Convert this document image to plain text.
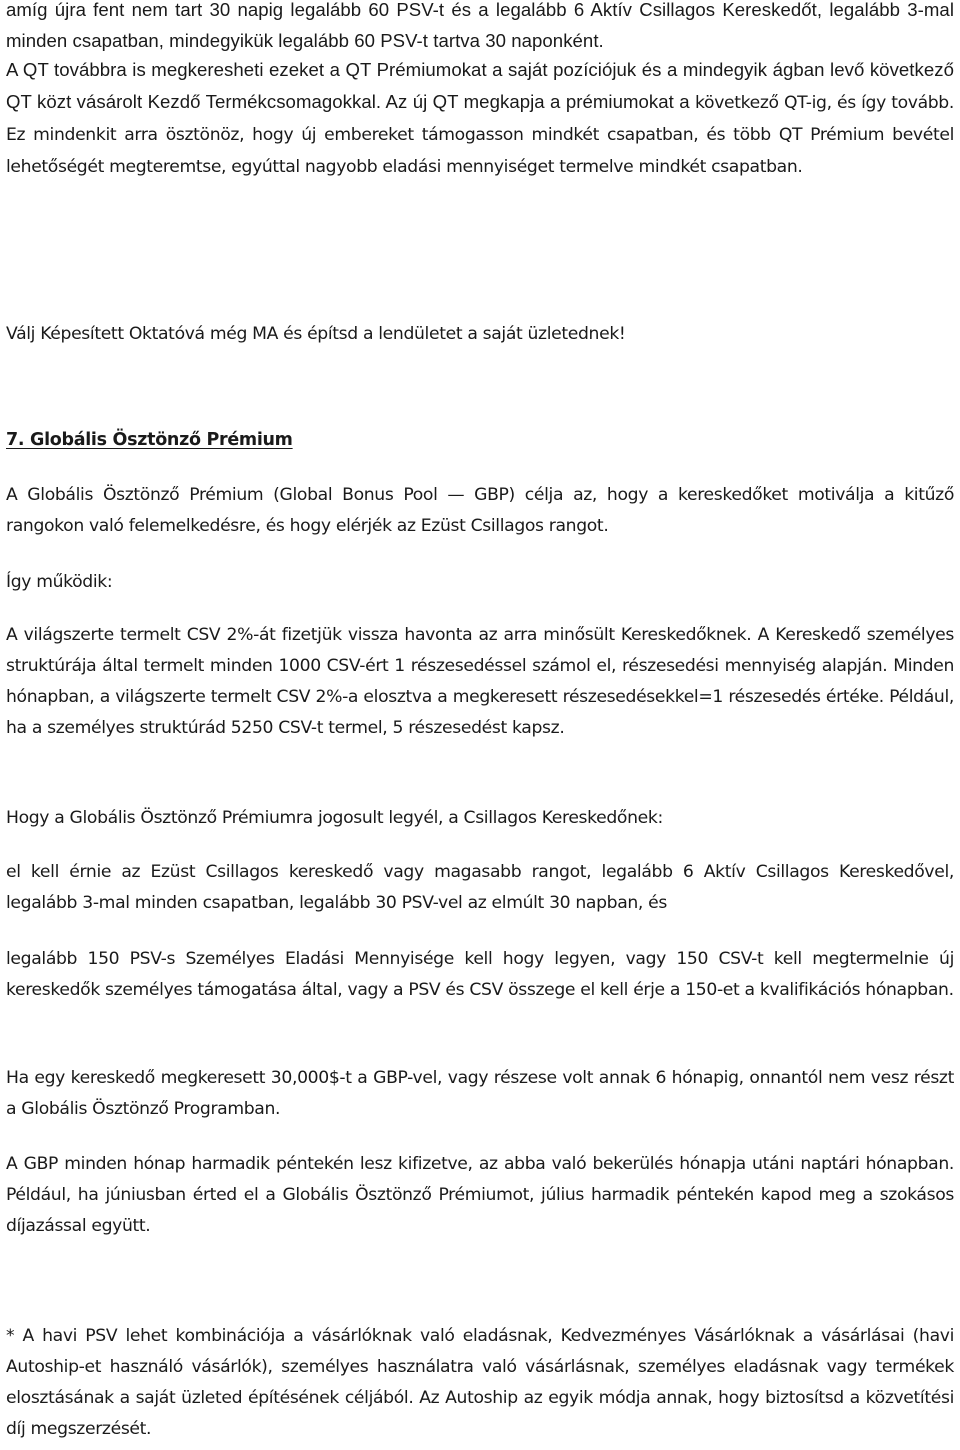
amíg újra fent nem tart 30 napig legalább 60 PSV-t és a legalább 6 Aktív Csillagos Kereskedőt, legalább 3-mal minden csapatban, mindegyikük legalább 60 PSV-t tartva 30 naponként.

A QT továbbra is megkeresheti ezeket a QT Prémiumokat a saját pozíciójuk és a mindegyik ágban levő következő QT közt vásárolt Kezdő Termékcsomagokkal. Az új QT megkapja a prémiumokat a következő QT-ig, és így tovább. Ez mindenkit arra ösztönöz, hogy új embereket támogasson mindkét csapatban, és több QT Prémium bevétel lehetőségét megteremtse, egyúttal nagyobb eladási mennyiséget termelve mindkét csapatban.

Válj Képesített Oktatóvá még MA és építsd a lendületet a saját üzletednek!

7. Globális Ösztönző Prémium

A Globális Ösztönző Prémium (Global Bonus Pool — GBP) célja az, hogy a kereskedőket motiválja a kitűző rangokon való felemelkedésre, és hogy elérjék az Ezüst Csillagos rangot.

Így működik:

A világszerte termelt CSV 2%-át fizetjük vissza havonta az arra minősült Kereskedőknek. A Kereskedő személyes struktúrája által termelt minden 1000 CSV-ért 1 részesedéssel számol el, részesedési mennyiség alapján. Minden hónapban, a világszerte termelt CSV 2%-a elosztva a megkeresett részesedésekkel=1 részesedés értéke. Például, ha a személyes struktúrád 5250 CSV-t termel, 5 részesedést kapsz.

Hogy a Globális Ösztönző Prémiumra jogosult legyél, a Csillagos Kereskedőnek:

el kell érnie az Ezüst Csillagos kereskedő vagy magasabb rangot, legalább 6 Aktív Csillagos Kereskedővel, legalább 3-mal minden csapatban, legalább 30 PSV-vel az elmúlt 30 napban, és

legalább 150 PSV-s Személyes Eladási Mennyisége kell hogy legyen, vagy 150 CSV-t kell megtermelnie új kereskedők személyes támogatása által, vagy a PSV és CSV összege el kell érje a 150-et a kvalifikációs hónapban.

Ha egy kereskedő megkeresett 30,000$-t a GBP-vel, vagy részese volt annak 6 hónapig, onnantól nem vesz részt a Globális Ösztönző Programban.

A GBP minden hónap harmadik péntekén lesz kifizetve, az abba való bekerülés hónapja utáni naptári hónapban. Például, ha júniusban érted el a Globális Ösztönző Prémiumot, július harmadik péntekén kapod meg a szokásos díjazással együtt.

* A havi PSV lehet kombinációja a vásárlóknak való eladásnak, Kedvezményes Vásárlóknak a vásárlásai (havi Autoship-et használó vásárlók), személyes használatra való vásárlásnak, személyes eladásnak vagy termékek elosztásának a saját üzleted építésének céljából. Az Autoship az egyik módja annak, hogy biztosítsd a közvetítési díj megszerzését.
